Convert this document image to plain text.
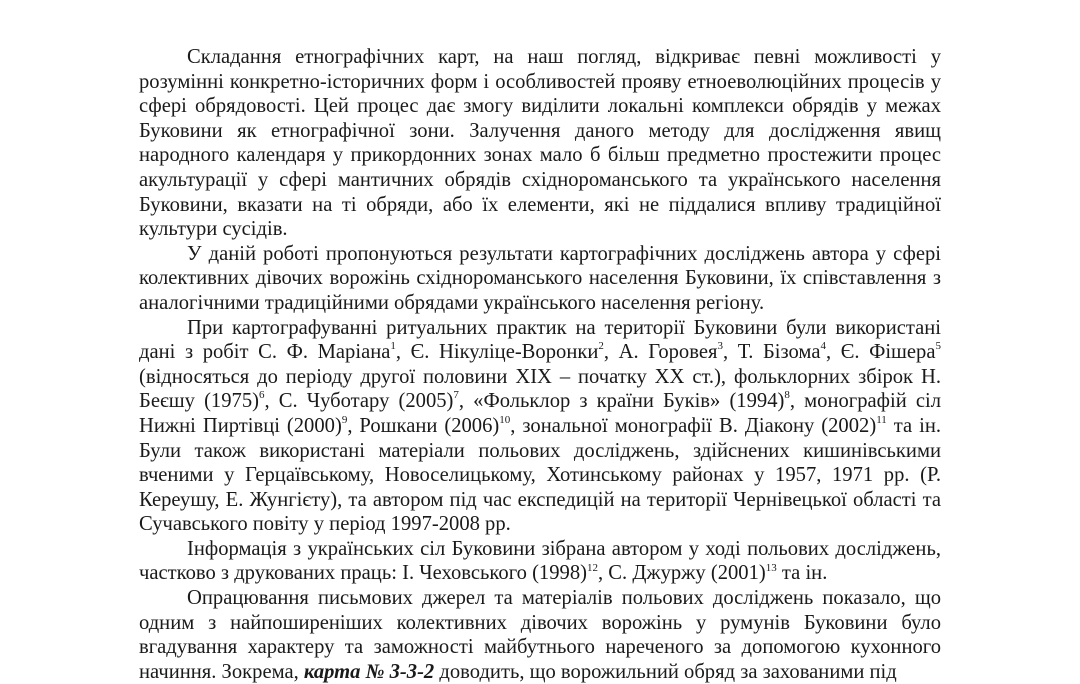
Складання етнографічних карт, на наш погляд, відкриває певні можливості у розумінні конкретно-історичних форм і особливостей прояву етноеволюційних процесів у сфері обрядовості. Цей процес дає змогу виділити локальні комплекси обрядів у межах Буковини як етнографічної зони. Залучення даного методу для дослідження явищ народного календаря у прикордонних зонах мало б більш предметно простежити процес акультурації у сфері мантичних обрядів східнороманського та українського населення Буковини, вказати на ті обряди, або їх елементи, які не піддалися впливу традиційної культури сусідів.

У даній роботі пропонуються результати картографічних досліджень автора у сфері колективних дівочих ворожінь східнороманського населення Буковини, їх співставлення з аналогічними традиційними обрядами українського населення регіону.

При картографуванні ритуальних практик на території Буковини були використані дані з робіт С. Ф. Маріана$^1$, Є. Нікуліце-Воронки$^2$, А. Горовея$^3$, Т. Бізома$^4$, Є. Фішера$^5$ (відносяться до періоду другої половини ХІХ – початку ХХ ст.), фольклорних збірок Н. Беєшу $(1975)^6$, С. Чуботару $(2005)^7$, «Фольклор з країни Буків» $(1994)^8$, монографій сіл Нижні Пиртівці $(2000)^9$, Рошкани $(2006)^{10}$, зональної монографії В. Діакону $(2002)^{11}$ та ін. Були також використані матеріали польових досліджень, здійснених кишинівськими вченими у Герцаївському, Новоселицькому, Хотинському районах у 1957, 1971 рр. (Р. Кереушу, Е. Жунгієту), та автором під час експедицій на території Чернівецької області та Сучавського повіту у період 1997-2008 рр.

Інформація з українських сіл Буковини зібрана автором у ході польових досліджень, частково з друкованих праць: І. Чеховського $(1998)^{12}$, С. Джуржу $(2001)^{13}$ та ін.

Опрацювання письмових джерел та матеріалів польових досліджень показало, що одним з найпоширеніших колективних дівочих ворожінь у румунів Буковини було вгадування характеру та заможності майбутнього нареченого за допомогою кухонного начиння. Зокрема, карта № 3-3-2 доводить, що ворожильний обряд за захованими під
